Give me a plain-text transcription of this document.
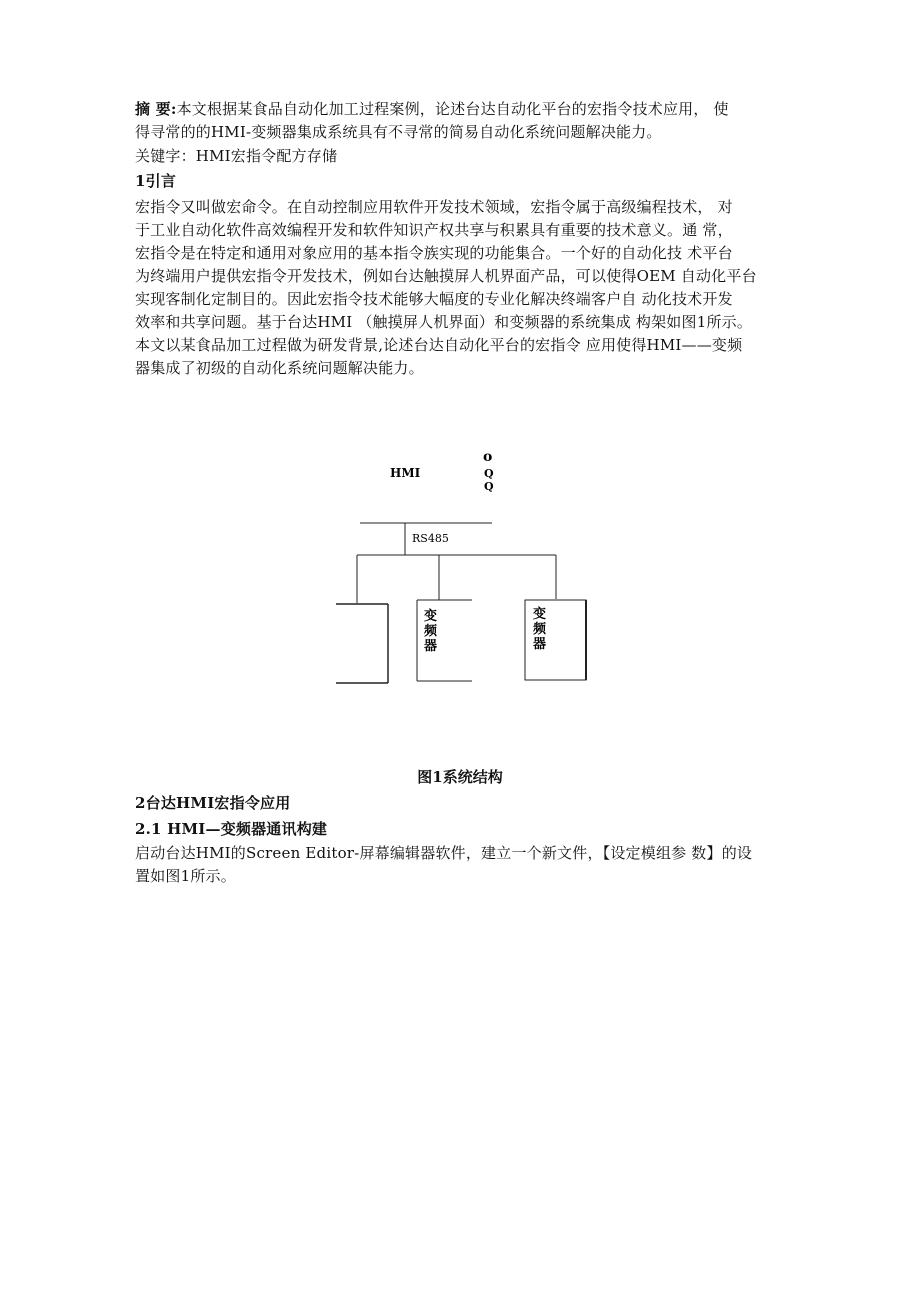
摘 要:本文根据某食品自动化加工过程案例，论述台达自动化平台的宏指令技术应用， 使
得寻常的的HMI-变频器集成系统具有不寻常的简易自动化系统问题解决能力。
关键字：HMI宏指令配方存储
1引言
宏指令又叫做宏命令。在自动控制应用软件开发技术领域，宏指令属于高级编程技术， 对
于工业自动化软件高效编程开发和软件知识产权共享与积累具有重要的技术意义。通 常，
宏指令是在特定和通用对象应用的基本指令族实现的功能集合。一个好的自动化技 术平台
为终端用户提供宏指令开发技术，例如台达触摸屏人机界面产品，可以使得OEM 自动化平台
实现客制化定制目的。因此宏指令技术能够大幅度的专业化解决终端客户自 动化技术开发
效率和共享问题。基于台达HMI （触摸屏人机界面）和变频器的系统集成 构架如图1所示。
本文以某食品加工过程做为研发背景,论述台达自动化平台的宏指令 应用使得HMI——变频
器集成了初级的自动化系统问题解决能力。
HMI
o
Q
Q
RS485
变 频 器
变 频 器
图1系统结构
2台达HMI宏指令应用
2.1 HMI—变频器通讯构建
启动台达HMI的Screen Editor-屏幕编辑器软件，建立一个新文件，【设定模组参 数】的设
置如图1所示。
